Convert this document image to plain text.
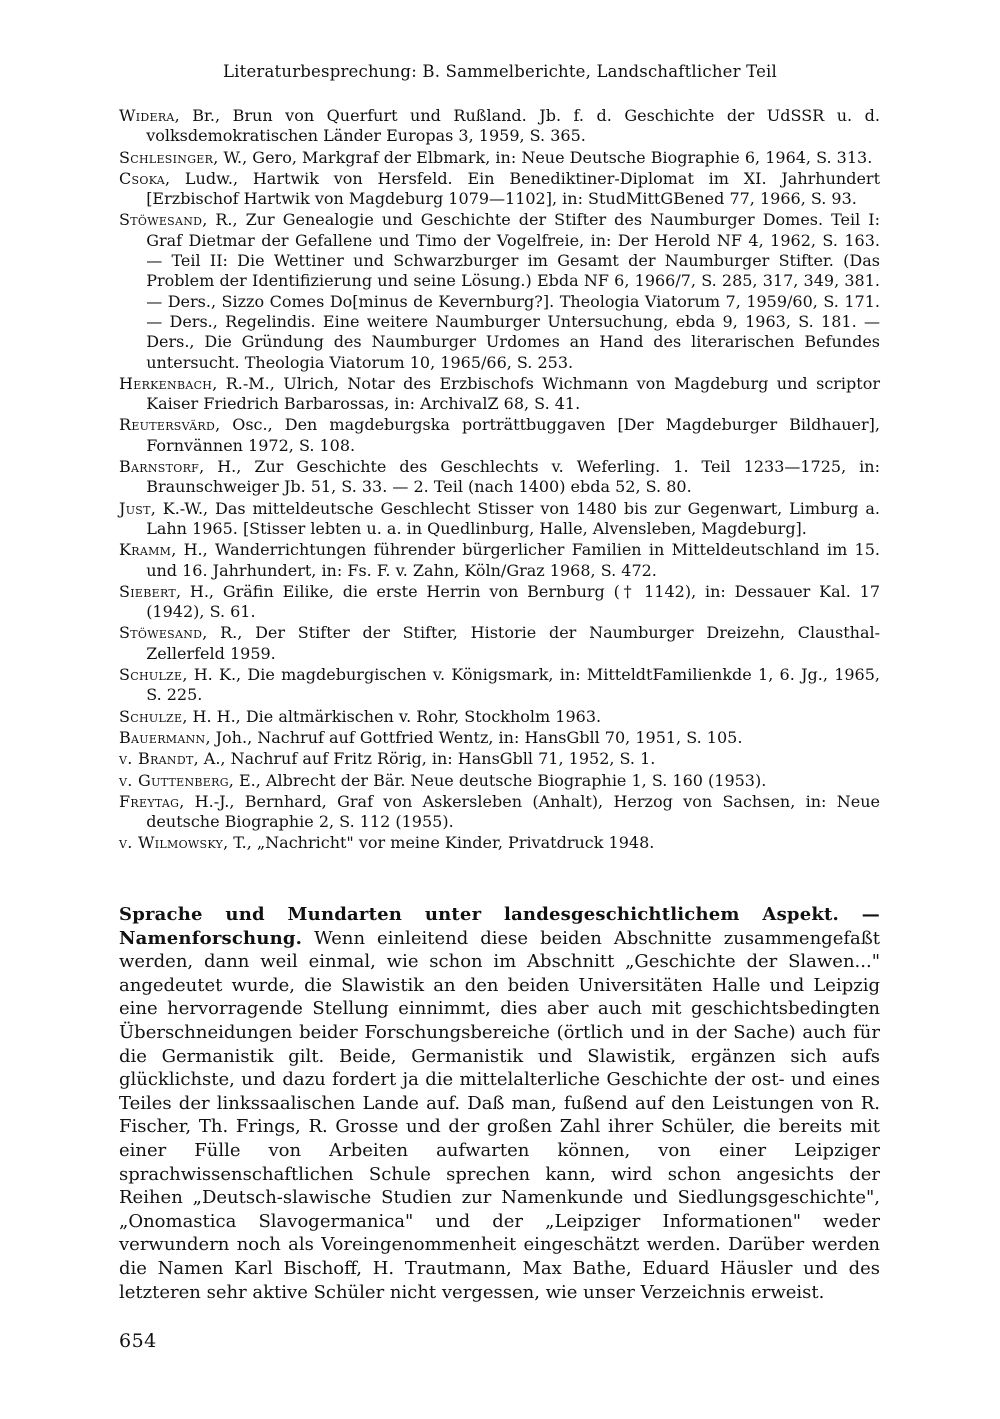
Literaturbesprechung: B. Sammelberichte, Landschaftlicher Teil
Widera, Br., Brun von Querfurt und Rußland. Jb. f. d. Geschichte der UdSSR u. d. volksdemokratischen Länder Europas 3, 1959, S. 365.
Schlesinger, W., Gero, Markgraf der Elbmark, in: Neue Deutsche Biographie 6, 1964, S. 313.
Csoka, Ludw., Hartwik von Hersfeld. Ein Benediktiner-Diplomat im XI. Jahrhundert [Erzbischof Hartwik von Magdeburg 1079—1102], in: StudMittGBened 77, 1966, S. 93.
Stöwesand, R., Zur Genealogie und Geschichte der Stifter des Naumburger Domes. Teil I: Graf Dietmar der Gefallene und Timo der Vogelfreie, in: Der Herold NF 4, 1962, S. 163. — Teil II: Die Wettiner und Schwarzburger im Gesamt der Naumburger Stifter. (Das Problem der Identifizierung und seine Lösung.) Ebda NF 6, 1966/7, S. 285, 317, 349, 381. — Ders., Sizzo Comes Do[minus de Kevernburg?]. Theologia Viatorum 7, 1959/60, S. 171. — Ders., Regelindis. Eine weitere Naumburger Untersuchung, ebda 9, 1963, S. 181. — Ders., Die Gründung des Naumburger Urdomes an Hand des literarischen Befundes untersucht. Theologia Viatorum 10, 1965/66, S. 253.
Herkenbach, R.-M., Ulrich, Notar des Erzbischofs Wichmann von Magdeburg und scriptor Kaiser Friedrich Barbarossas, in: ArchivalZ 68, S. 41.
Reutersvärd, Osc., Den magdeburgska porträttbuggaven [Der Magdeburger Bildhauer], Fornvännen 1972, S. 108.
Barnstorf, H., Zur Geschichte des Geschlechts v. Weferling. 1. Teil 1233—1725, in: Braunschweiger Jb. 51, S. 33. — 2. Teil (nach 1400) ebda 52, S. 80.
Just, K.-W., Das mitteldeutsche Geschlecht Stisser von 1480 bis zur Gegenwart, Limburg a. Lahn 1965. [Stisser lebten u. a. in Quedlinburg, Halle, Alvensleben, Magdeburg].
Kramm, H., Wanderrichtungen führender bürgerlicher Familien in Mitteldeutschland im 15. und 16. Jahrhundert, in: Fs. F. v. Zahn, Köln/Graz 1968, S. 472.
Siebert, H., Gräfin Eilike, die erste Herrin von Bernburg († 1142), in: Dessauer Kal. 17 (1942), S. 61.
Stöwesand, R., Der Stifter der Stifter, Historie der Naumburger Dreizehn, Clausthal-Zellerfeld 1959.
Schulze, H. K., Die magdeburgischen v. Königsmark, in: MitteldtFamilienkde 1, 6. Jg., 1965, S. 225.
Schulze, H. H., Die altmärkischen v. Rohr, Stockholm 1963.
Bauermann, Joh., Nachruf auf Gottfried Wentz, in: HansGbll 70, 1951, S. 105.
v. Brandt, A., Nachruf auf Fritz Rörig, in: HansGbll 71, 1952, S. 1.
v. Guttenberg, E., Albrecht der Bär. Neue deutsche Biographie 1, S. 160 (1953).
Freytag, H.-J., Bernhard, Graf von Askersleben (Anhalt), Herzog von Sachsen, in: Neue deutsche Biographie 2, S. 112 (1955).
v. Wilmowsky, T., „Nachricht" vor meine Kinder, Privatdruck 1948.

Sprache und Mundarten unter landesgeschichtlichem Aspekt. — Namenforschung. Wenn einleitend diese beiden Abschnitte zusammengefaßt werden, dann weil einmal, wie schon im Abschnitt „Geschichte der Slawen..." angedeutet wurde, die Slawistik an den beiden Universitäten Halle und Leipzig eine hervorragende Stellung einnimmt, dies aber auch mit geschichtsbedingten Überschneidungen beider Forschungsbereiche (örtlich und in der Sache) auch für die Germanistik gilt. Beide, Germanistik und Slawistik, ergänzen sich aufs glücklichste, und dazu fordert ja die mittelalterliche Geschichte der ost- und eines Teiles der linkssaalischen Lande auf. Daß man, fußend auf den Leistungen von R. Fischer, Th. Frings, R. Grosse und der großen Zahl ihrer Schüler, die bereits mit einer Fülle von Arbeiten aufwarten können, von einer Leipziger sprachwissenschaftlichen Schule sprechen kann, wird schon angesichts der Reihen „Deutsch-slawische Studien zur Namenkunde und Siedlungsgeschichte", „Onomastica Slavogermanica" und der „Leipziger Informationen" weder verwundern noch als Voreingenommenheit eingeschätzt werden. Darüber werden die Namen Karl Bischoff, H. Trautmann, Max Bathe, Eduard Häusler und des letzteren sehr aktive Schüler nicht vergessen, wie unser Verzeichnis erweist.

654
